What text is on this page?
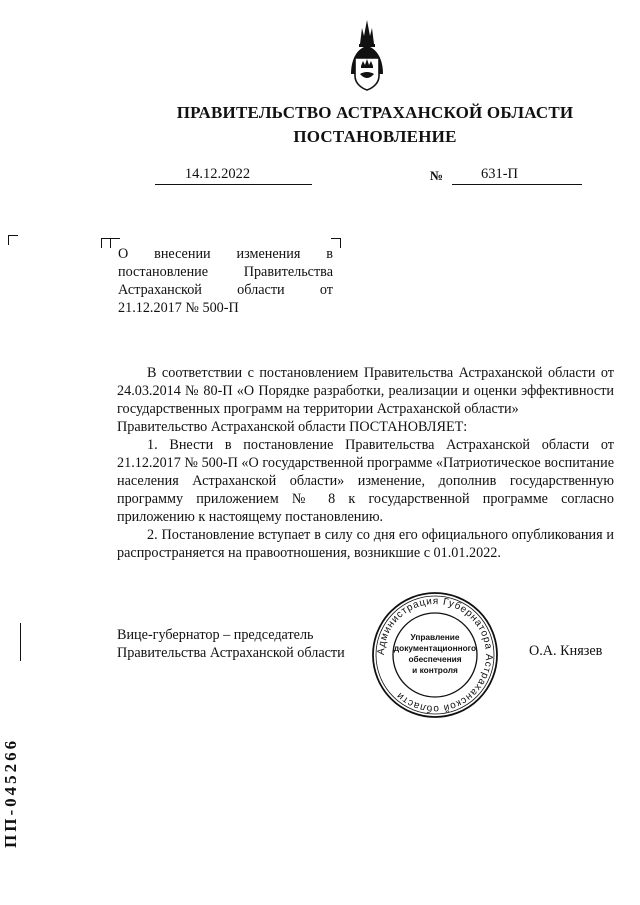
ПРАВИТЕЛЬСТВО АСТРАХАНСКОЙ ОБЛАСТИ
ПОСТАНОВЛЕНИЕ
14.12.2022	№	631-П
О внесении изменения в постановление Правительства Астраханской области от 21.12.2017 № 500-П

В соответствии с постановлением Правительства Астраханской области от 24.03.2014 № 80-П «О Порядке разработки, реализации и оценки эффективности государственных программ на территории Астраханской области»

Правительство Астраханской области ПОСТАНОВЛЯЕТ:

1. Внести в постановление Правительства Астраханской области от 21.12.2017 № 500-П «О государственной программе «Патриотическое воспитание населения Астраханской области» изменение, дополнив государственную программу приложением № 8 к государственной программе согласно приложению к настоящему постановлению.

2. Постановление вступает в силу со дня его официального опубликования и распространяется на правоотношения, возникшие с 01.01.2022.

Вице-губернатор – председатель
Правительства Астраханской области	О.А. Князев
Администрация Губернатора Астраханской области
Управление
документационного
обеспечения
и контроля
ПП-045266
